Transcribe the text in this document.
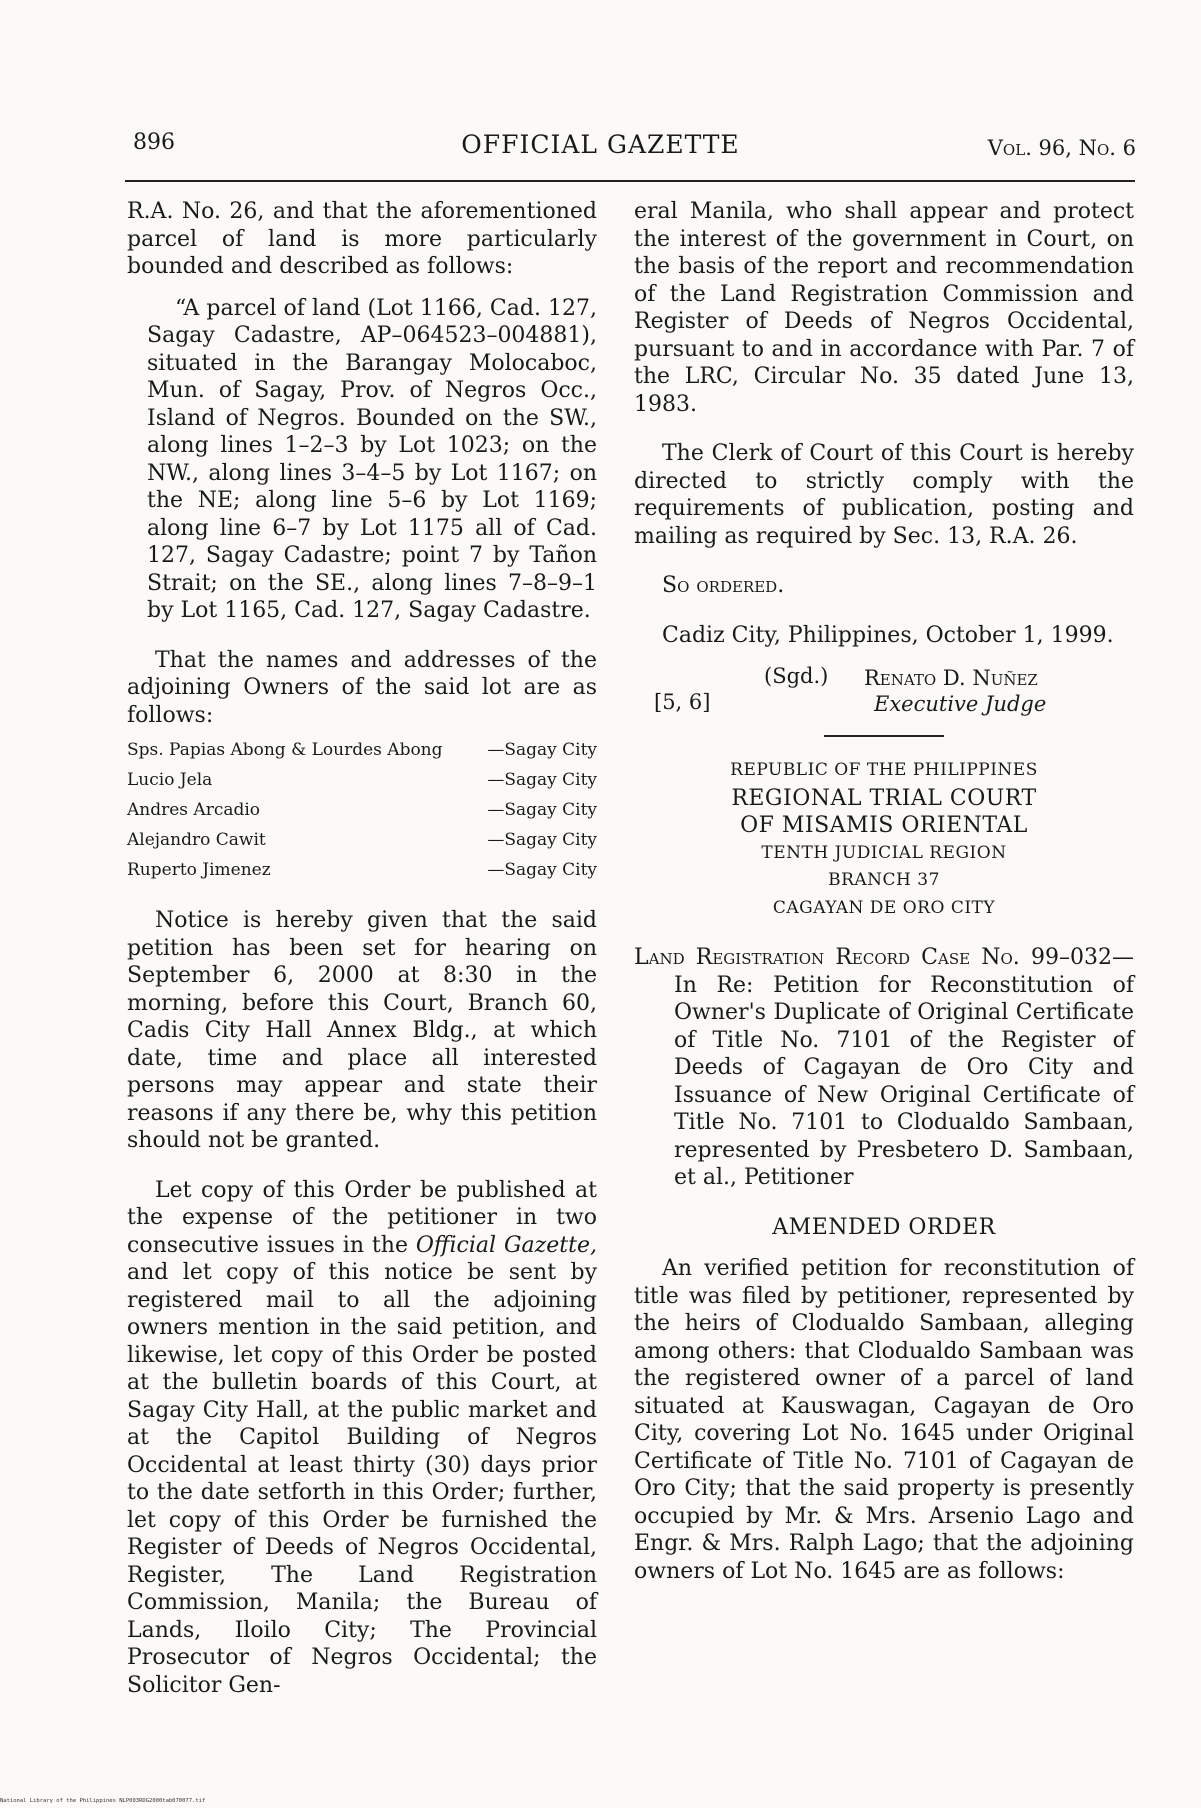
896	OFFICIAL GAZETTE	Vol. 96, No. 6

R.A. No. 26, and that the aforementioned parcel of land is more particularly bounded and described as follows:

“A parcel of land (Lot 1166, Cad. 127, Sagay Cadastre, AP–064523–004881), situated in the Barangay Molocaboc, Mun. of Sagay, Prov. of Negros Occ., Island of Negros. Bounded on the SW., along lines 1–2–3 by Lot 1023; on the NW., along lines 3–4–5 by Lot 1167; on the NE; along line 5–6 by Lot 1169; along line 6–7 by Lot 1175 all of Cad. 127, Sagay Cadastre; point 7 by Tañon Strait; on the SE., along lines 7–8–9–1 by Lot 1165, Cad. 127, Sagay Cadastre.

That the names and addresses of the adjoining Owners of the said lot are as follows:

Sps. Papias Abong & Lourdes Abong	—Sagay City
Lucio Jela	—Sagay City
Andres Arcadio	—Sagay City
Alejandro Cawit	—Sagay City
Ruperto Jimenez	—Sagay City

Notice is hereby given that the said petition has been set for hearing on September 6, 2000 at 8:30 in the morning, before this Court, Branch 60, Cadis City Hall Annex Bldg., at which date, time and place all interested persons may appear and state their reasons if any there be, why this petition should not be granted.

Let copy of this Order be published at the expense of the petitioner in two consecutive issues in the Official Gazette, and let copy of this notice be sent by registered mail to all the adjoining owners mention in the said petition, and likewise, let copy of this Order be posted at the bulletin boards of this Court, at Sagay City Hall, at the public market and at the Capitol Building of Negros Occidental at least thirty (30) days prior to the date setforth in this Order; further, let copy of this Order be furnished the Register of Deeds of Negros Occidental, Register, The Land Registration Commission, Manila; the Bureau of Lands, Iloilo City; The Provincial Prosecutor of Negros Occidental; the Solicitor Gen-

eral Manila, who shall appear and protect the interest of the government in Court, on the basis of the report and recommendation of the Land Registration Commission and Register of Deeds of Negros Occidental, pursuant to and in accordance with Par. 7 of the LRC, Circular No. 35 dated June 13, 1983.

The Clerk of Court of this Court is hereby directed to strictly comply with the requirements of publication, posting and mailing as required by Sec. 13, R.A. 26.

So ordered.

Cadiz City, Philippines, October 1, 1999.

(Sgd.) Renato D. Nuñez
[5, 6]	Executive Judge
REPUBLIC OF THE PHILIPPINES
REGIONAL TRIAL COURT
OF MISAMIS ORIENTAL
TENTH JUDICIAL REGION
BRANCH 37
CAGAYAN DE ORO CITY

Land Registration Record Case No. 99–032—In Re: Petition for Reconstitution of Owner's Duplicate of Original Certificate of Title No. 7101 of the Register of Deeds of Cagayan de Oro City and Issuance of New Original Certificate of Title No. 7101 to Clodualdo Sambaan, represented by Presbetero D. Sambaan, et al., Petitioner

AMENDED ORDER

An verified petition for reconstitution of title was filed by petitioner, represented by the heirs of Clodualdo Sambaan, alleging among others: that Clodualdo Sambaan was the registered owner of a parcel of land situated at Kauswagan, Cagayan de Oro City, covering Lot No. 1645 under Original Certificate of Title No. 7101 of Cagayan de Oro City; that the said property is presently occupied by Mr. & Mrs. Arsenio Lago and Engr. & Mrs. Ralph Lago; that the adjoining owners of Lot No. 1645 are as follows:

National Library of the Philippines NLP003RDG2000tab070077.tif
